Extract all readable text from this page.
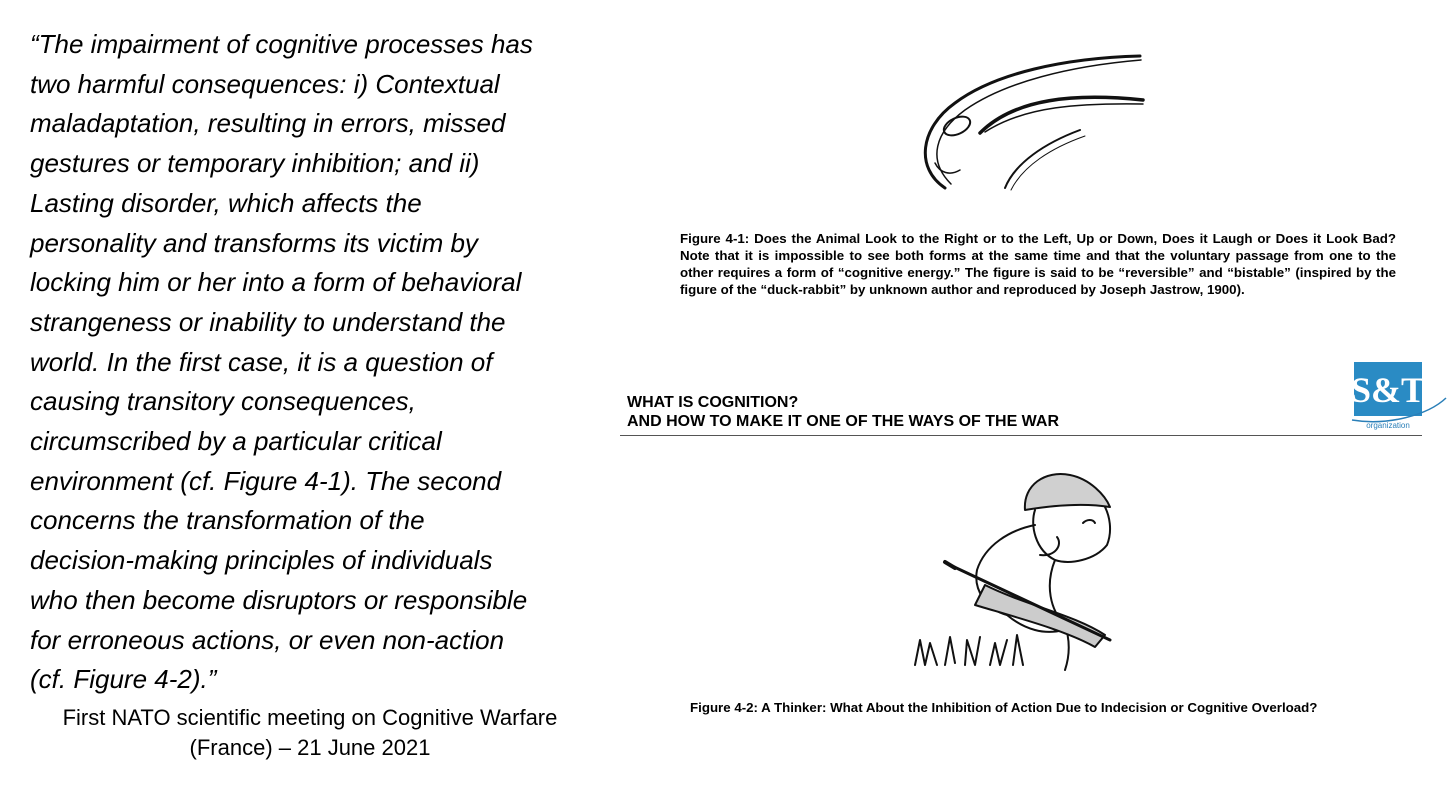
“The impairment of cognitive processes has
two harmful consequences: i) Contextual
maladaptation, resulting in errors, missed
gestures or temporary inhibition; and ii)
Lasting disorder, which affects the
personality and transforms its victim by
locking him or her into a form of behavioral
strangeness or inability to understand the
world. In the first case, it is a question of
causing transitory consequences,
circumscribed by a particular critical
environment (cf. Figure 4-1). The second
concerns the transformation of the
decision-making principles of individuals
who then become disruptors or responsible
for erroneous actions, or even non-action
(cf. Figure 4-2).”
First NATO scientific meeting on Cognitive Warfare
(France) – 21 June 2021
Figure 4-1: Does the Animal Look to the Right or to the Left, Up or Down, Does it Laugh or Does it Look Bad? Note that it is impossible to see both forms at the same time and that the voluntary passage from one to the other requires a form of “cognitive energy.” The figure is said to be “reversible” and “bistable” (inspired by the figure of the “duck-rabbit” by unknown author and reproduced by Joseph Jastrow, 1900).
WHAT IS COGNITION?
AND HOW TO MAKE IT ONE OF THE WAYS OF THE WAR
S&T
organization
Figure 4-2: A Thinker: What About the Inhibition of Action Due to Indecision or Cognitive Overload?
